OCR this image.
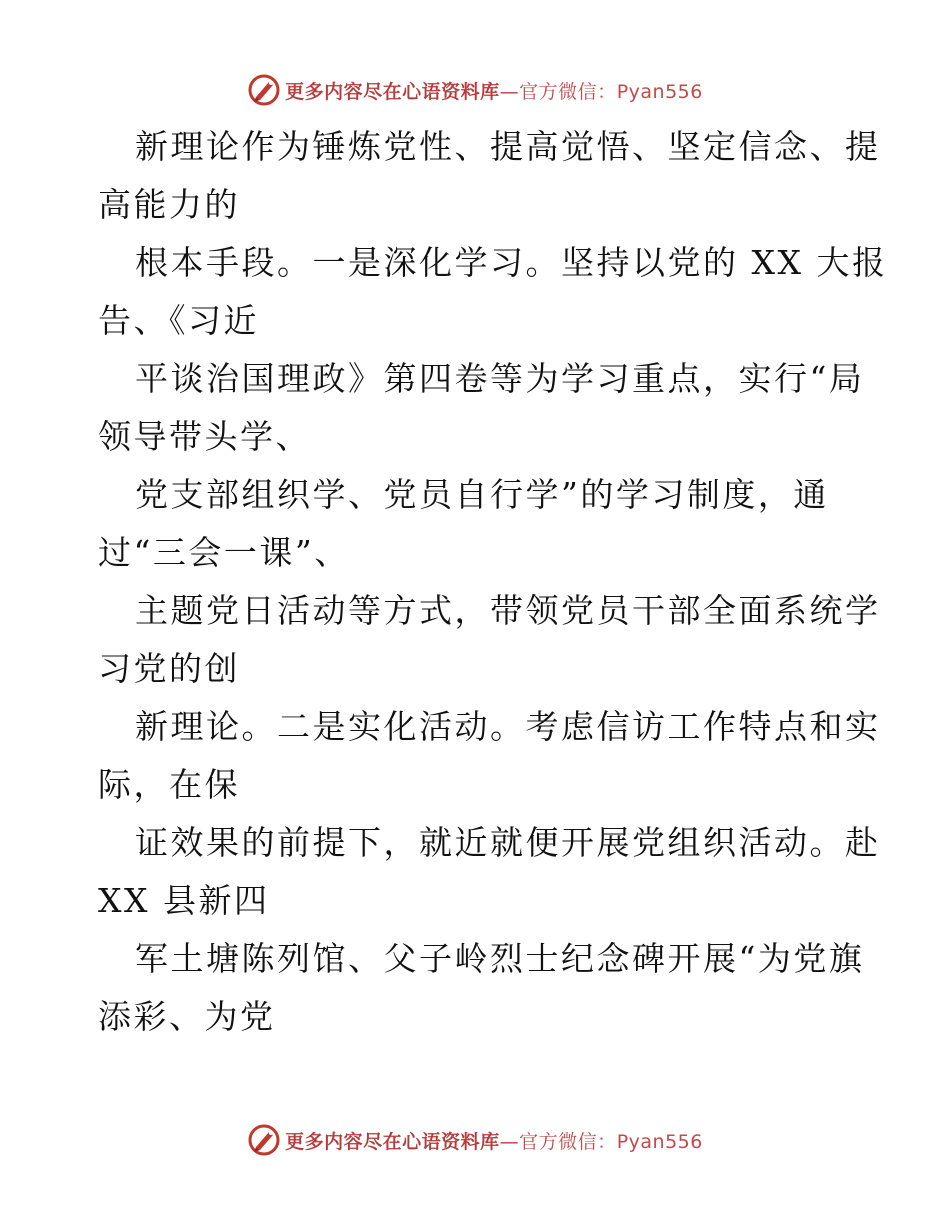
更多内容尽在心语资料库—官方微信：Pyan556
新理论作为锤炼党性、提高觉悟、坚定信念、提
高能力的
根本手段。一是深化学习。坚持以党的 XX 大报
告、《习近
平谈治国理政》第四卷等为学习重点，实行“局
领导带头学、
党支部组织学、党员自行学”的学习制度，通
过“三会一课”、
主题党日活动等方式，带领党员干部全面系统学
习党的创
新理论。二是实化活动。考虑信访工作特点和实
际，在保
证效果的前提下，就近就便开展党组织活动。赴
XX 县新四
军土塘陈列馆、父子岭烈士纪念碑开展“为党旗
添彩、为党
更多内容尽在心语资料库—官方微信：Pyan556
